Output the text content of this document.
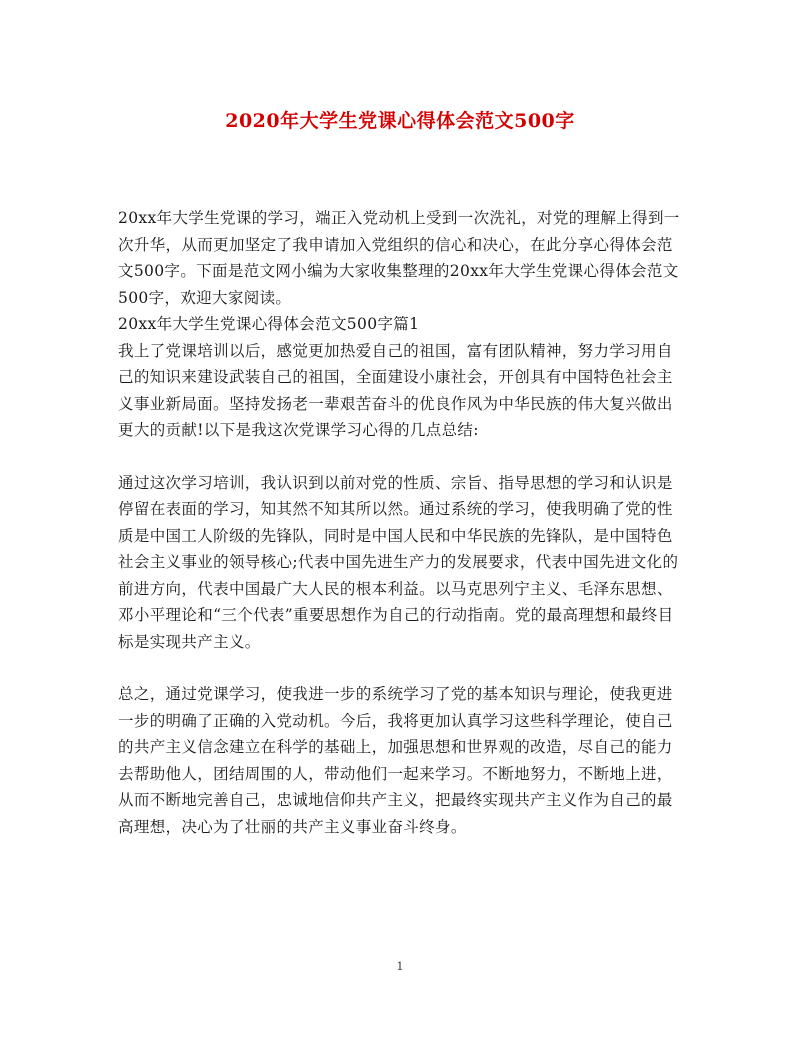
2020年大学生党课心得体会范文500字

20xx年大学生党课的学习，端正入党动机上受到一次洗礼，对党的理解上得到一次升华，从而更加坚定了我申请加入党组织的信心和决心，在此分享心得体会范文500字。下面是范文网小编为大家收集整理的20xx年大学生党课心得体会范文500字，欢迎大家阅读。

20xx年大学生党课心得体会范文500字篇1

我上了党课培训以后，感觉更加热爱自己的祖国，富有团队精神，努力学习用自己的知识来建设武装自己的祖国，全面建设小康社会，开创具有中国特色社会主义事业新局面。坚持发扬老一辈艰苦奋斗的优良作风为中华民族的伟大复兴做出更大的贡献!以下是我这次党课学习心得的几点总结:

通过这次学习培训，我认识到以前对党的性质、宗旨、指导思想的学习和认识是停留在表面的学习，知其然不知其所以然。通过系统的学习，使我明确了党的性质是中国工人阶级的先锋队，同时是中国人民和中华民族的先锋队，是中国特色社会主义事业的领导核心;代表中国先进生产力的发展要求，代表中国先进文化的前进方向，代表中国最广大人民的根本利益。以马克思列宁主义、毛泽东思想、邓小平理论和“三个代表”重要思想作为自己的行动指南。党的最高理想和最终目标是实现共产主义。

总之，通过党课学习，使我进一步的系统学习了党的基本知识与理论，使我更进一步的明确了正确的入党动机。今后，我将更加认真学习这些科学理论，使自己的共产主义信念建立在科学的基础上，加强思想和世界观的改造，尽自己的能力去帮助他人，团结周围的人，带动他们一起来学习。不断地努力，不断地上进，从而不断地完善自己，忠诚地信仰共产主义，把最终实现共产主义作为自己的最高理想，决心为了壮丽的共产主义事业奋斗终身。

1
